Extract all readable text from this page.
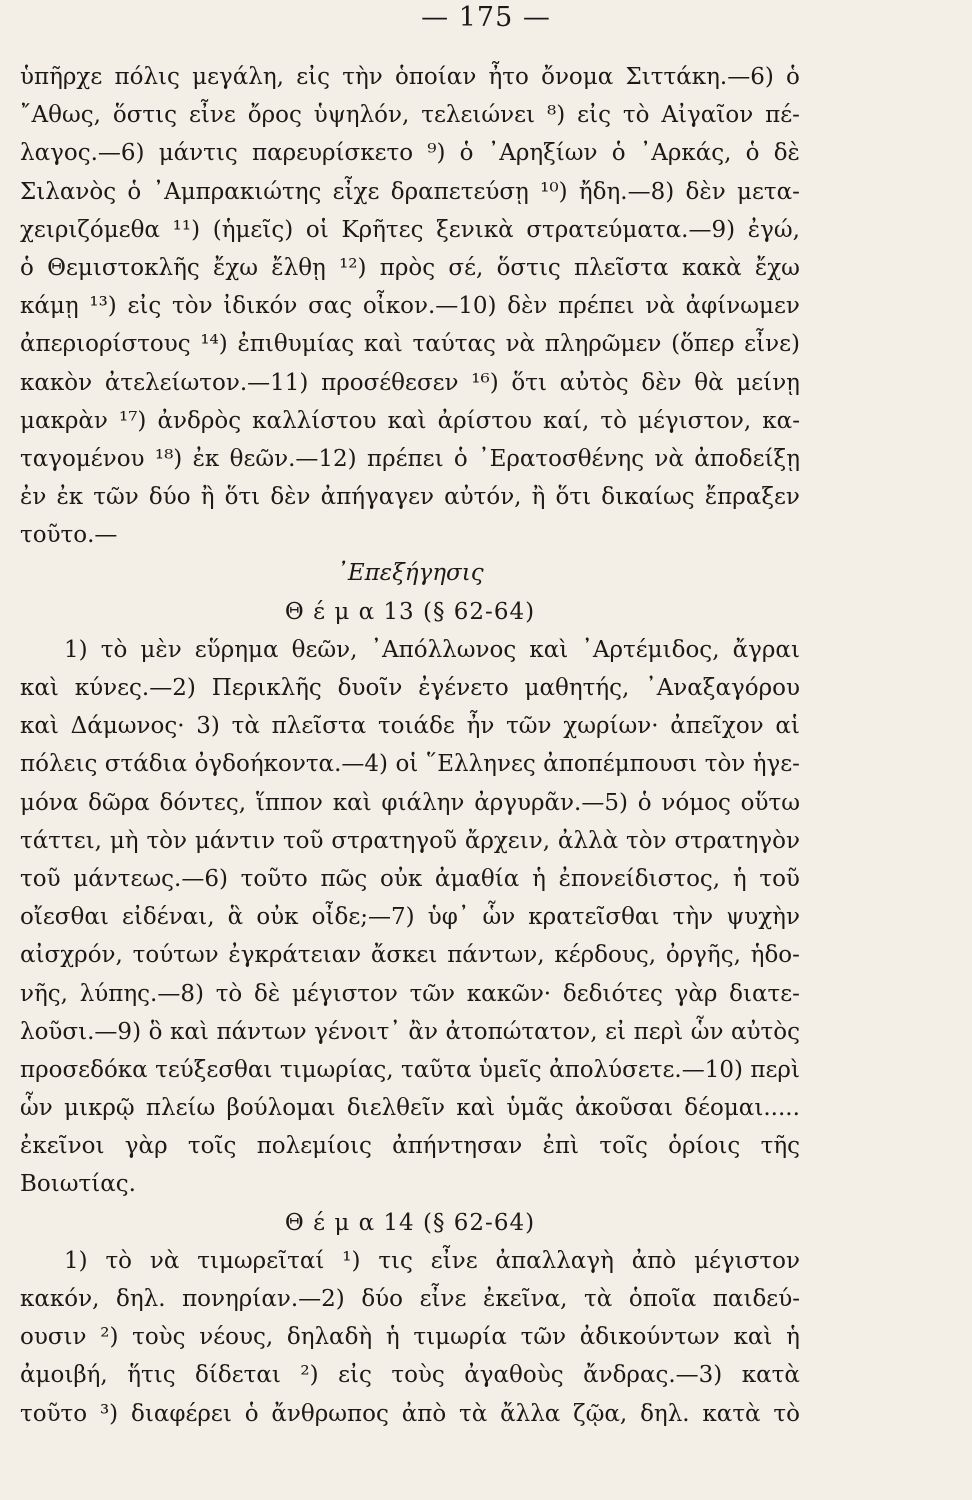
— 175 —
ὑπῆρχε πόλις μεγάλη, εἰς τὴν ὁποίαν ἦτο ὄνομα Σιττάκη.—6) ὁ
῎Αθως, ὅστις εἶνε ὄρος ὑψηλόν, τελειώνει ⁸) εἰς τὸ Αἰγαῖον πέ-
λαγος.—6) μάντις παρευρίσκετο ⁹) ὁ ᾿Αρηξίων ὁ ᾿Αρκάς, ὁ δὲ
Σιλανὸς ὁ ᾿Αμπρακιώτης εἶχε δραπετεύσῃ ¹⁰) ἤδη.—8) δὲν μετα-
χειριζόμεθα ¹¹) (ἡμεῖς) οἱ Κρῆτες ξενικὰ στρατεύματα.—9) ἐγώ,
ὁ Θεμιστοκλῆς ἔχω ἔλθῃ ¹²) πρὸς σέ, ὅστις πλεῖστα κακὰ ἔχω
κάμῃ ¹³) εἰς τὸν ἰδικόν σας οἶκον.—10) δὲν πρέπει νὰ ἀφίνωμεν
ἀπεριορίστους ¹⁴) ἐπιθυμίας καὶ ταύτας νὰ πληρῶμεν (ὅπερ εἶνε)
κακὸν ἀτελείωτον.—11) προσέθεσεν ¹⁶) ὅτι αὐτὸς δὲν θὰ μείνῃ
μακρὰν ¹⁷) ἀνδρὸς καλλίστου καὶ ἀρίστου καί, τὸ μέγιστον, κα-
ταγομένου ¹⁸) ἐκ θεῶν.—12) πρέπει ὁ ᾿Ερατοσθένης νὰ ἀποδείξῃ
ἐν ἐκ τῶν δύο ἢ ὅτι δὲν ἀπήγαγεν αὐτόν, ἢ ὅτι δικαίως ἔπραξεν
τοῦτο.—
᾿Επεξήγησις
Θ έ μ α 13 (§ 62-64)
1) τὸ μὲν εὕρημα θεῶν, ᾿Απόλλωνος καὶ ᾿Αρτέμιδος, ἄγραι
καὶ κύνες.—2) Περικλῆς δυοῖν ἐγένετο μαθητής, ᾿Αναξαγόρου
καὶ Δάμωνος· 3) τὰ πλεῖστα τοιάδε ἦν τῶν χωρίων· ἀπεῖχον αἱ
πόλεις στάδια ὀγδοήκοντα.—4) οἱ ῞Ελληνες ἀποπέμπουσι τὸν ἡγε-
μόνα δῶρα δόντες, ἵππον καὶ φιάλην ἀργυρᾶν.—5) ὁ νόμος οὕτω
τάττει, μὴ τὸν μάντιν τοῦ στρατηγοῦ ἄρχειν, ἀλλὰ τὸν στρατηγὸν
τοῦ μάντεως.—6) τοῦτο πῶς οὐκ ἀμαθία ἡ ἐπονείδιστος, ἡ τοῦ
οἴεσθαι εἰδέναι, ἃ οὐκ οἶδε;—7) ὑφ᾿ ὧν κρατεῖσθαι τὴν ψυχὴν
αἰσχρόν, τούτων ἐγκράτειαν ἄσκει πάντων, κέρδους, ὀργῆς, ἡδο-
νῆς, λύπης.—8) τὸ δὲ μέγιστον τῶν κακῶν· δεδιότες γὰρ διατε-
λοῦσι.—9) ὃ καὶ πάντων γένοιτ᾿ ἂν ἀτοπώτατον, εἰ περὶ ὧν αὐτὸς
προσεδόκα τεύξεσθαι τιμωρίας, ταῦτα ὑμεῖς ἀπολύσετε.—10) περὶ
ὧν μικρῷ πλείω βούλομαι διελθεῖν καὶ ὑμᾶς ἀκοῦσαι δέομαι.....
ἐκεῖνοι γὰρ τοῖς πολεμίοις ἀπήντησαν ἐπὶ τοῖς ὁρίοις τῆς
Βοιωτίας.
Θ έ μ α 14 (§ 62-64)
1) τὸ νὰ τιμωρεῖταί ¹) τις εἶνε ἀπαλλαγὴ ἀπὸ μέγιστον
κακόν, δηλ. πονηρίαν.—2) δύο εἶνε ἐκεῖνα, τὰ ὁποῖα παιδεύ-
ουσιν ²) τοὺς νέους, δηλαδὴ ἡ τιμωρία τῶν ἀδικούντων καὶ ἡ
ἀμοιβή, ἥτις δίδεται ²) εἰς τοὺς ἀγαθοὺς ἄνδρας.—3) κατὰ
τοῦτο ³) διαφέρει ὁ ἄνθρωπος ἀπὸ τὰ ἄλλα ζῷα, δηλ. κατὰ τὸ
